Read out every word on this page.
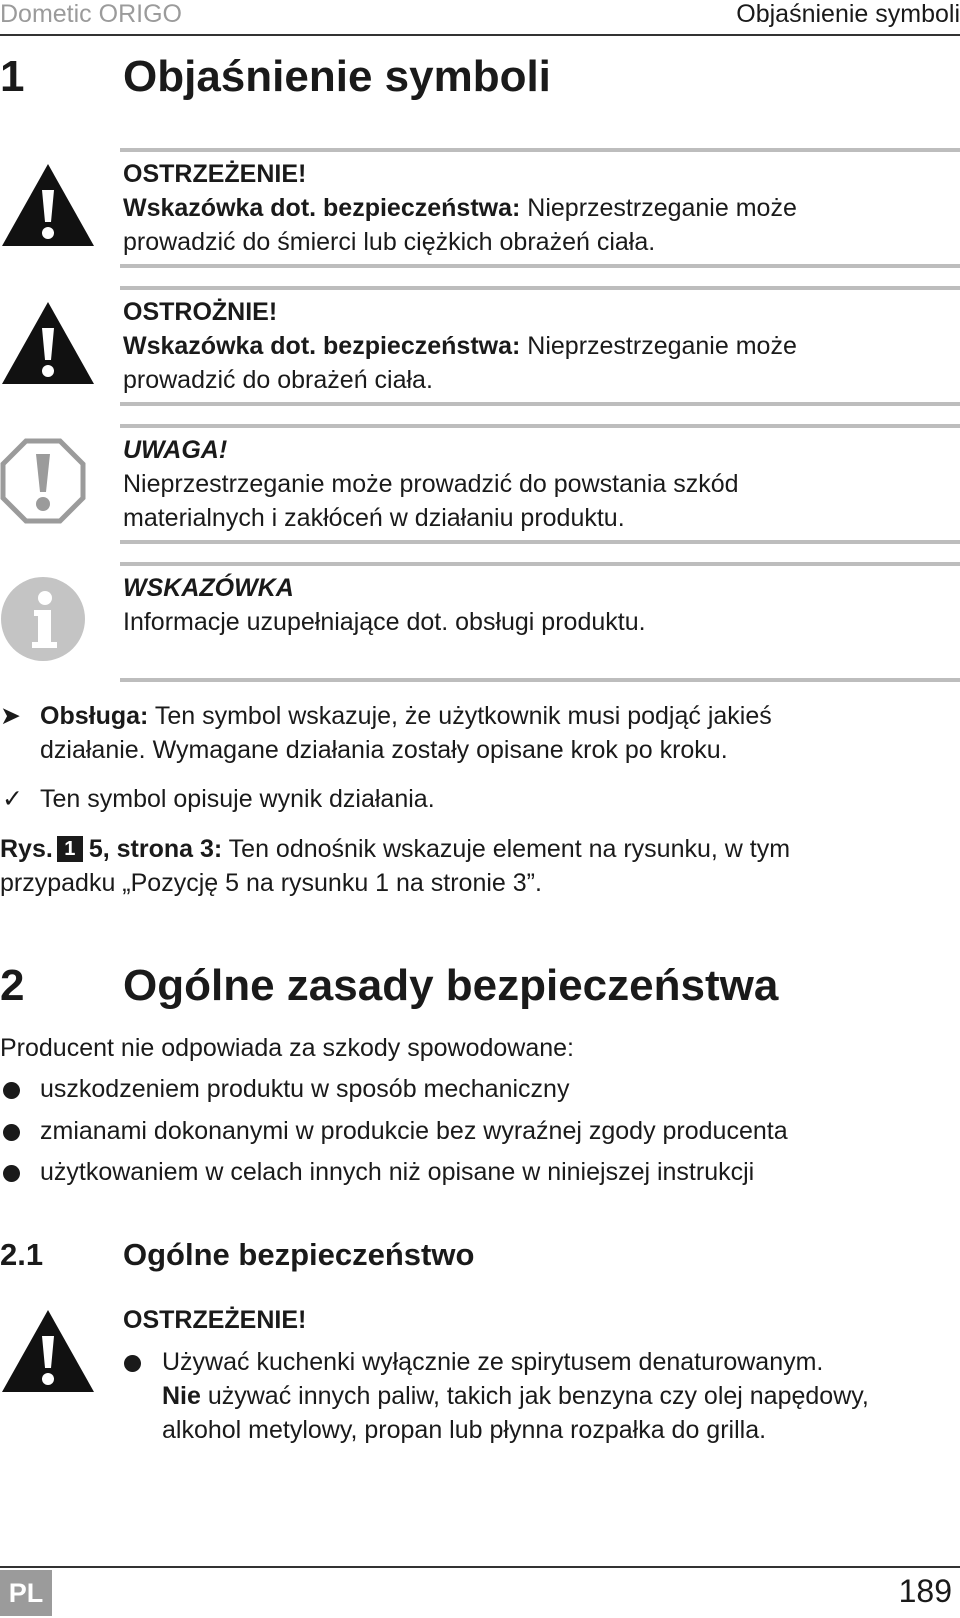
Dometic ORIGO	Objaśnienie symboli
1 Objaśnienie symboli
OSTRZEŻENIE!
Wskazówka dot. bezpieczeństwa: Nieprzestrzeganie może
prowadzić do śmierci lub ciężkich obrażeń ciała.
OSTROŻNIE!
Wskazówka dot. bezpieczeństwa: Nieprzestrzeganie może
prowadzić do obrażeń ciała.
UWAGA!
Nieprzestrzeganie może prowadzić do powstania szkód
materialnych i zakłóceń w działaniu produktu.
WSKAZÓWKA
Informacje uzupełniające dot. obsługi produktu.
➤ Obsługa: Ten symbol wskazuje, że użytkownik musi podjąć jakieś
działanie. Wymagane działania zostały opisane krok po kroku.
✓ Ten symbol opisuje wynik działania.
Rys. 1 5, strona 3: Ten odnośnik wskazuje element na rysunku, w tym
przypadku „Pozycję 5 na rysunku 1 na stronie 3”.
2 Ogólne zasady bezpieczeństwa
Producent nie odpowiada za szkody spowodowane:
uszkodzeniem produktu w sposób mechaniczny
zmianami dokonanymi w produkcie bez wyraźnej zgody producenta
użytkowaniem w celach innych niż opisane w niniejszej instrukcji
2.1	Ogólne bezpieczeństwo
OSTRZEŻENIE!
Używać kuchenki wyłącznie ze spirytusem denaturowanym.
Nie używać innych paliw, takich jak benzyna czy olej napędowy,
alkohol metylowy, propan lub płynna rozpałka do grilla.
PL	189
